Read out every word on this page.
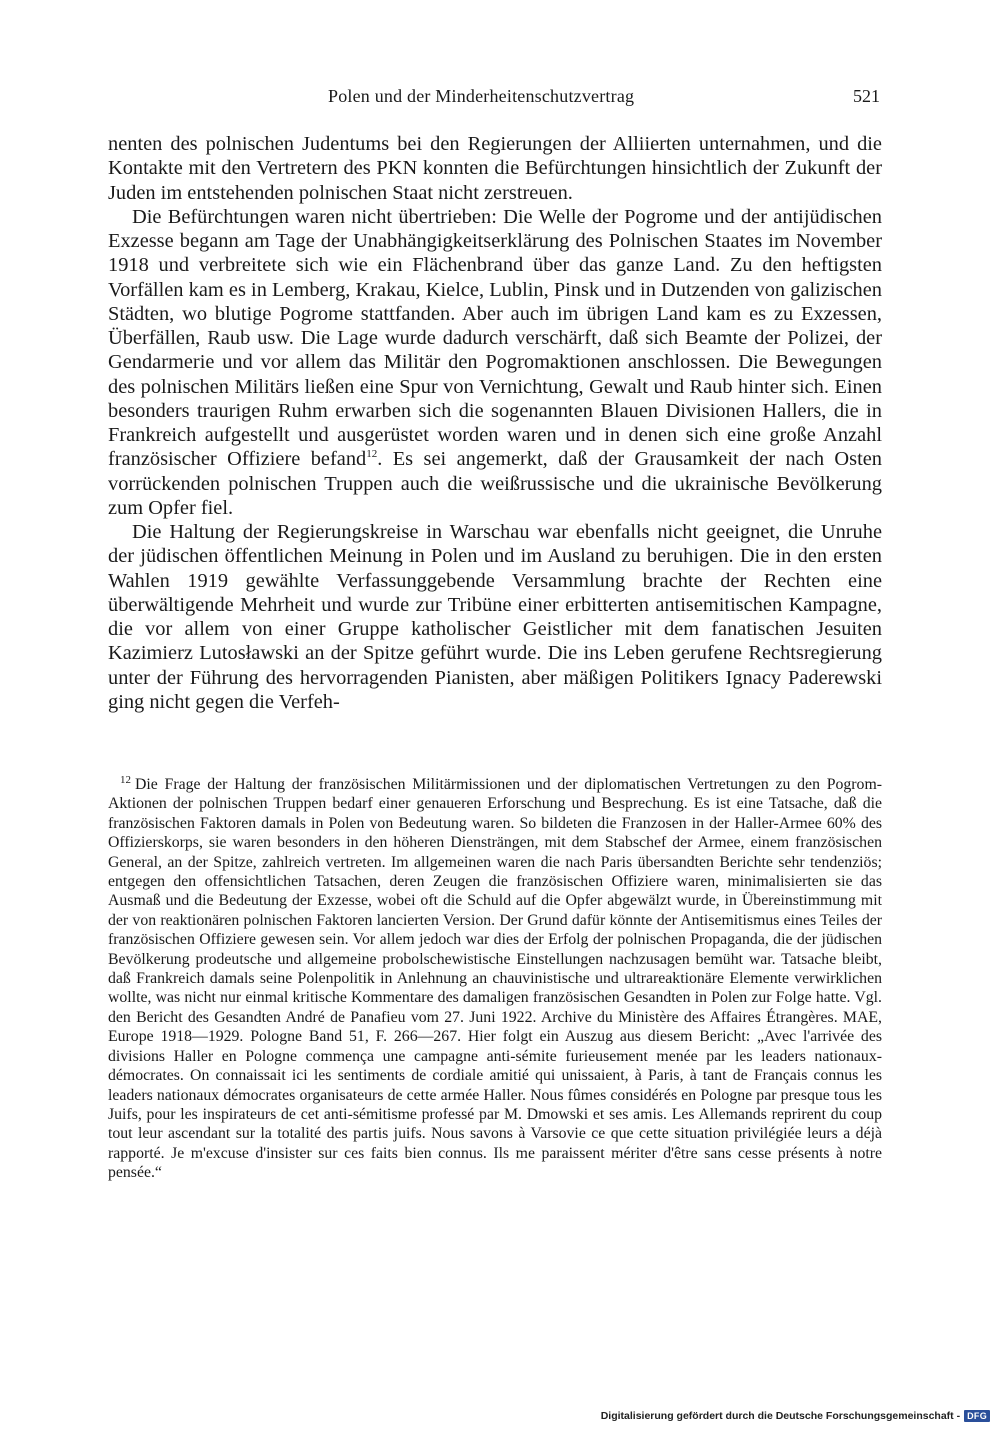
Polen und der Minderheitenschutzvertrag	521

nenten des polnischen Judentums bei den Regierungen der Alliierten unternahmen, und die Kontakte mit den Vertretern des PKN konnten die Befürchtungen hinsichtlich der Zukunft der Juden im entstehenden polnischen Staat nicht zerstreuen.

Die Befürchtungen waren nicht übertrieben: Die Welle der Pogrome und der antijüdischen Exzesse begann am Tage der Unabhängigkeitserklärung des Polnischen Staates im November 1918 und verbreitete sich wie ein Flächenbrand über das ganze Land. Zu den heftigsten Vorfällen kam es in Lemberg, Krakau, Kielce, Lublin, Pinsk und in Dutzenden von galizischen Städten, wo blutige Pogrome stattfanden. Aber auch im übrigen Land kam es zu Exzessen, Überfällen, Raub usw. Die Lage wurde dadurch verschärft, daß sich Beamte der Polizei, der Gendarmerie und vor allem das Militär den Pogromaktionen anschlossen. Die Bewegungen des polnischen Militärs ließen eine Spur von Vernichtung, Gewalt und Raub hinter sich. Einen besonders traurigen Ruhm erwarben sich die sogenannten Blauen Divisionen Hallers, die in Frankreich aufgestellt und ausgerüstet worden waren und in denen sich eine große Anzahl französischer Offiziere befand$^{12}$. Es sei angemerkt, daß der Grausamkeit der nach Osten vorrückenden polnischen Truppen auch die weißrussische und die ukrainische Bevölkerung zum Opfer fiel.

Die Haltung der Regierungskreise in Warschau war ebenfalls nicht geeignet, die Unruhe der jüdischen öffentlichen Meinung in Polen und im Ausland zu beruhigen. Die in den ersten Wahlen 1919 gewählte Verfassunggebende Versammlung brachte der Rechten eine überwältigende Mehrheit und wurde zur Tribüne einer erbitterten antisemitischen Kampagne, die vor allem von einer Gruppe katholischer Geistlicher mit dem fanatischen Jesuiten Kazimierz Lutosławski an der Spitze geführt wurde. Die ins Leben gerufene Rechtsregierung unter der Führung des hervorragenden Pianisten, aber mäßigen Politikers Ignacy Paderewski ging nicht gegen die Verfeh-

$^{12}$ Die Frage der Haltung der französischen Militärmissionen und der diplomatischen Vertretungen zu den Pogrom-Aktionen der polnischen Truppen bedarf einer genaueren Erforschung und Besprechung. Es ist eine Tatsache, daß die französischen Faktoren damals in Polen von Bedeutung waren. So bildeten die Franzosen in der Haller-Armee 60% des Offizierskorps, sie waren besonders in den höheren Diensträngen, mit dem Stabschef der Armee, einem französischen General, an der Spitze, zahlreich vertreten. Im allgemeinen waren die nach Paris übersandten Berichte sehr tendenziös; entgegen den offensichtlichen Tatsachen, deren Zeugen die französischen Offiziere waren, minimalisierten sie das Ausmaß und die Bedeutung der Exzesse, wobei oft die Schuld auf die Opfer abgewälzt wurde, in Übereinstimmung mit der von reaktionären polnischen Faktoren lancierten Version. Der Grund dafür könnte der Antisemitismus eines Teiles der französischen Offiziere gewesen sein. Vor allem jedoch war dies der Erfolg der polnischen Propaganda, die der jüdischen Bevölkerung prodeutsche und allgemeine probolschewistische Einstellungen nachzusagen bemüht war. Tatsache bleibt, daß Frankreich damals seine Polenpolitik in Anlehnung an chauvinistische und ultrareaktionäre Elemente verwirklichen wollte, was nicht nur einmal kritische Kommentare des damaligen französischen Gesandten in Polen zur Folge hatte. Vgl. den Bericht des Gesandten André de Panafieu vom 27. Juni 1922. Archive du Ministère des Affaires Étrangères. MAE, Europe 1918—1929. Pologne Band 51, F. 266—267. Hier folgt ein Auszug aus diesem Bericht: „Avec l'arrivée des divisions Haller en Pologne commença une campagne anti-sémite furieusement menée par les leaders nationaux-démocrates. On connaissait ici les sentiments de cordiale amitié qui unissaient, à Paris, à tant de Français connus les leaders nationaux démocrates organisateurs de cette armée Haller. Nous fûmes considérés en Pologne par presque tous les Juifs, pour les inspirateurs de cet anti-sémitisme professé par M. Dmowski et ses amis. Les Allemands reprirent du coup tout leur ascendant sur la totalité des partis juifs. Nous savons à Varsovie ce que cette situation privilégiée leurs a déjà rapporté. Je m'excuse d'insister sur ces faits bien connus. Ils me paraissent mériter d'être sans cesse présents à notre pensée.“

Digitalisierung gefördert durch die Deutsche Forschungsgemeinschaft - DFG
